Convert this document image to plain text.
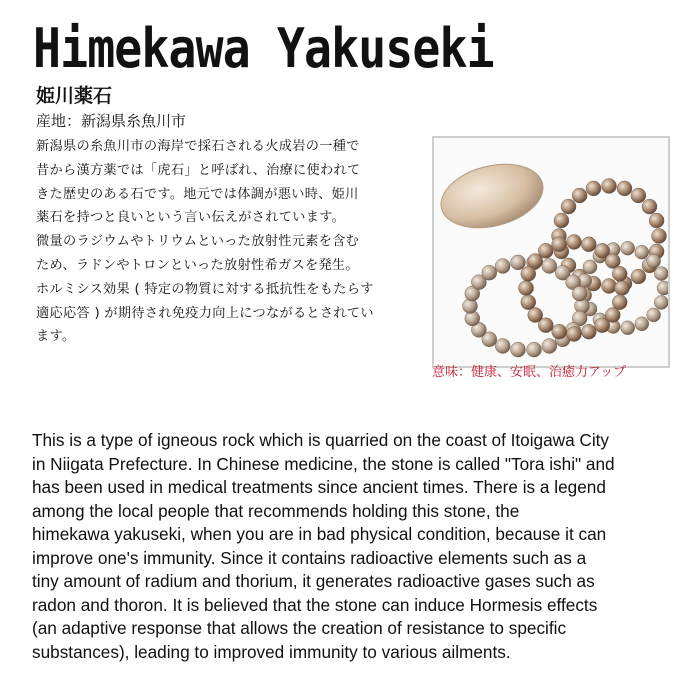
Himekawa Yakuseki
姫川薬石
産地：新潟県糸魚川市
新潟県の糸魚川市の海岸で採石される火成岩の一種で
昔から漢方薬では「虎石」と呼ばれ、治療に使われて
きた歴史のある石です。地元では体調が悪い時、姫川
薬石を持つと良いという言い伝えがされています。
微量のラジウムやトリウムといった放射性元素を含む
ため、ラドンやトロンといった放射性希ガスを発生。
ホルミシス効果 ( 特定の物質に対する抵抗性をもたらす
適応応答 ) が期待され免疫力向上につながるとされてい
ます。
意味：健康、安眠、治癒力アップ
This is a type of igneous rock which is quarried on the coast of Itoigawa City
in Niigata Prefecture. In Chinese medicine, the stone is called "Tora ishi" and
has been used in medical treatments since ancient times. There is a legend
among the local people that recommends holding this stone, the
himekawa yakuseki, when you are in bad physical condition, because it can
improve one's immunity. Since it contains radioactive elements such as a
tiny amount of radium and thorium, it generates radioactive gases such as
radon and thoron. It is believed that the stone can induce Hormesis effects
(an adaptive response that allows the creation of resistance to specific
substances), leading to improved immunity to various ailments.
